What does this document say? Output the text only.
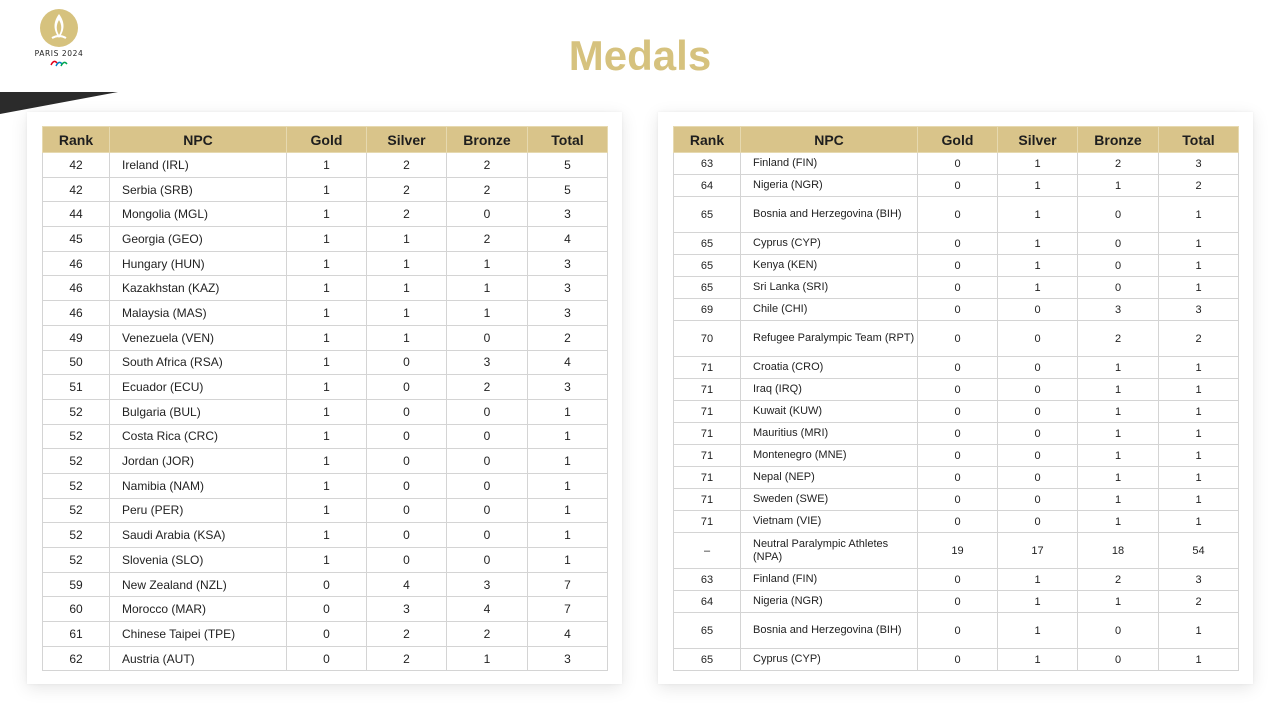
PARIS 2024	Medals
Rank	NPC	Gold	Silver	Bronze	Total
42	Ireland (IRL)	1	2	2	5
42	Serbia (SRB)	1	2	2	5
44	Mongolia (MGL)	1	2	0	3
45	Georgia (GEO)	1	1	2	4
46	Hungary (HUN)	1	1	1	3
46	Kazakhstan (KAZ)	1	1	1	3
46	Malaysia (MAS)	1	1	1	3
49	Venezuela (VEN)	1	1	0	2
50	South Africa (RSA)	1	0	3	4
51	Ecuador (ECU)	1	0	2	3
52	Bulgaria (BUL)	1	0	0	1
52	Costa Rica (CRC)	1	0	0	1
52	Jordan (JOR)	1	0	0	1
52	Namibia (NAM)	1	0	0	1
52	Peru (PER)	1	0	0	1
52	Saudi Arabia (KSA)	1	0	0	1
52	Slovenia (SLO)	1	0	0	1
59	New Zealand (NZL)	0	4	3	7
60	Morocco (MAR)	0	3	4	7
61	Chinese Taipei (TPE)	0	2	2	4
62	Austria (AUT)	0	2	1	3
Rank	NPC	Gold	Silver	Bronze	Total
63	Finland (FIN)	0	1	2	3
64	Nigeria (NGR)	0	1	1	2
65	Bosnia and Herzegovina (BIH)	0	1	0	1
65	Cyprus (CYP)	0	1	0	1
65	Kenya (KEN)	0	1	0	1
65	Sri Lanka (SRI)	0	1	0	1
69	Chile (CHI)	0	0	3	3
70	Refugee Paralympic Team (RPT)	0	0	2	2
71	Croatia (CRO)	0	0	1	1
71	Iraq (IRQ)	0	0	1	1
71	Kuwait (KUW)	0	0	1	1
71	Mauritius (MRI)	0	0	1	1
71	Montenegro (MNE)	0	0	1	1
71	Nepal (NEP)	0	0	1	1
71	Sweden (SWE)	0	0	1	1
71	Vietnam (VIE)	0	0	1	1
–	Neutral Paralympic Athletes (NPA)	19	17	18	54
63	Finland (FIN)	0	1	2	3
64	Nigeria (NGR)	0	1	1	2
65	Bosnia and Herzegovina (BIH)	0	1	0	1
65	Cyprus (CYP)	0	1	0	1
